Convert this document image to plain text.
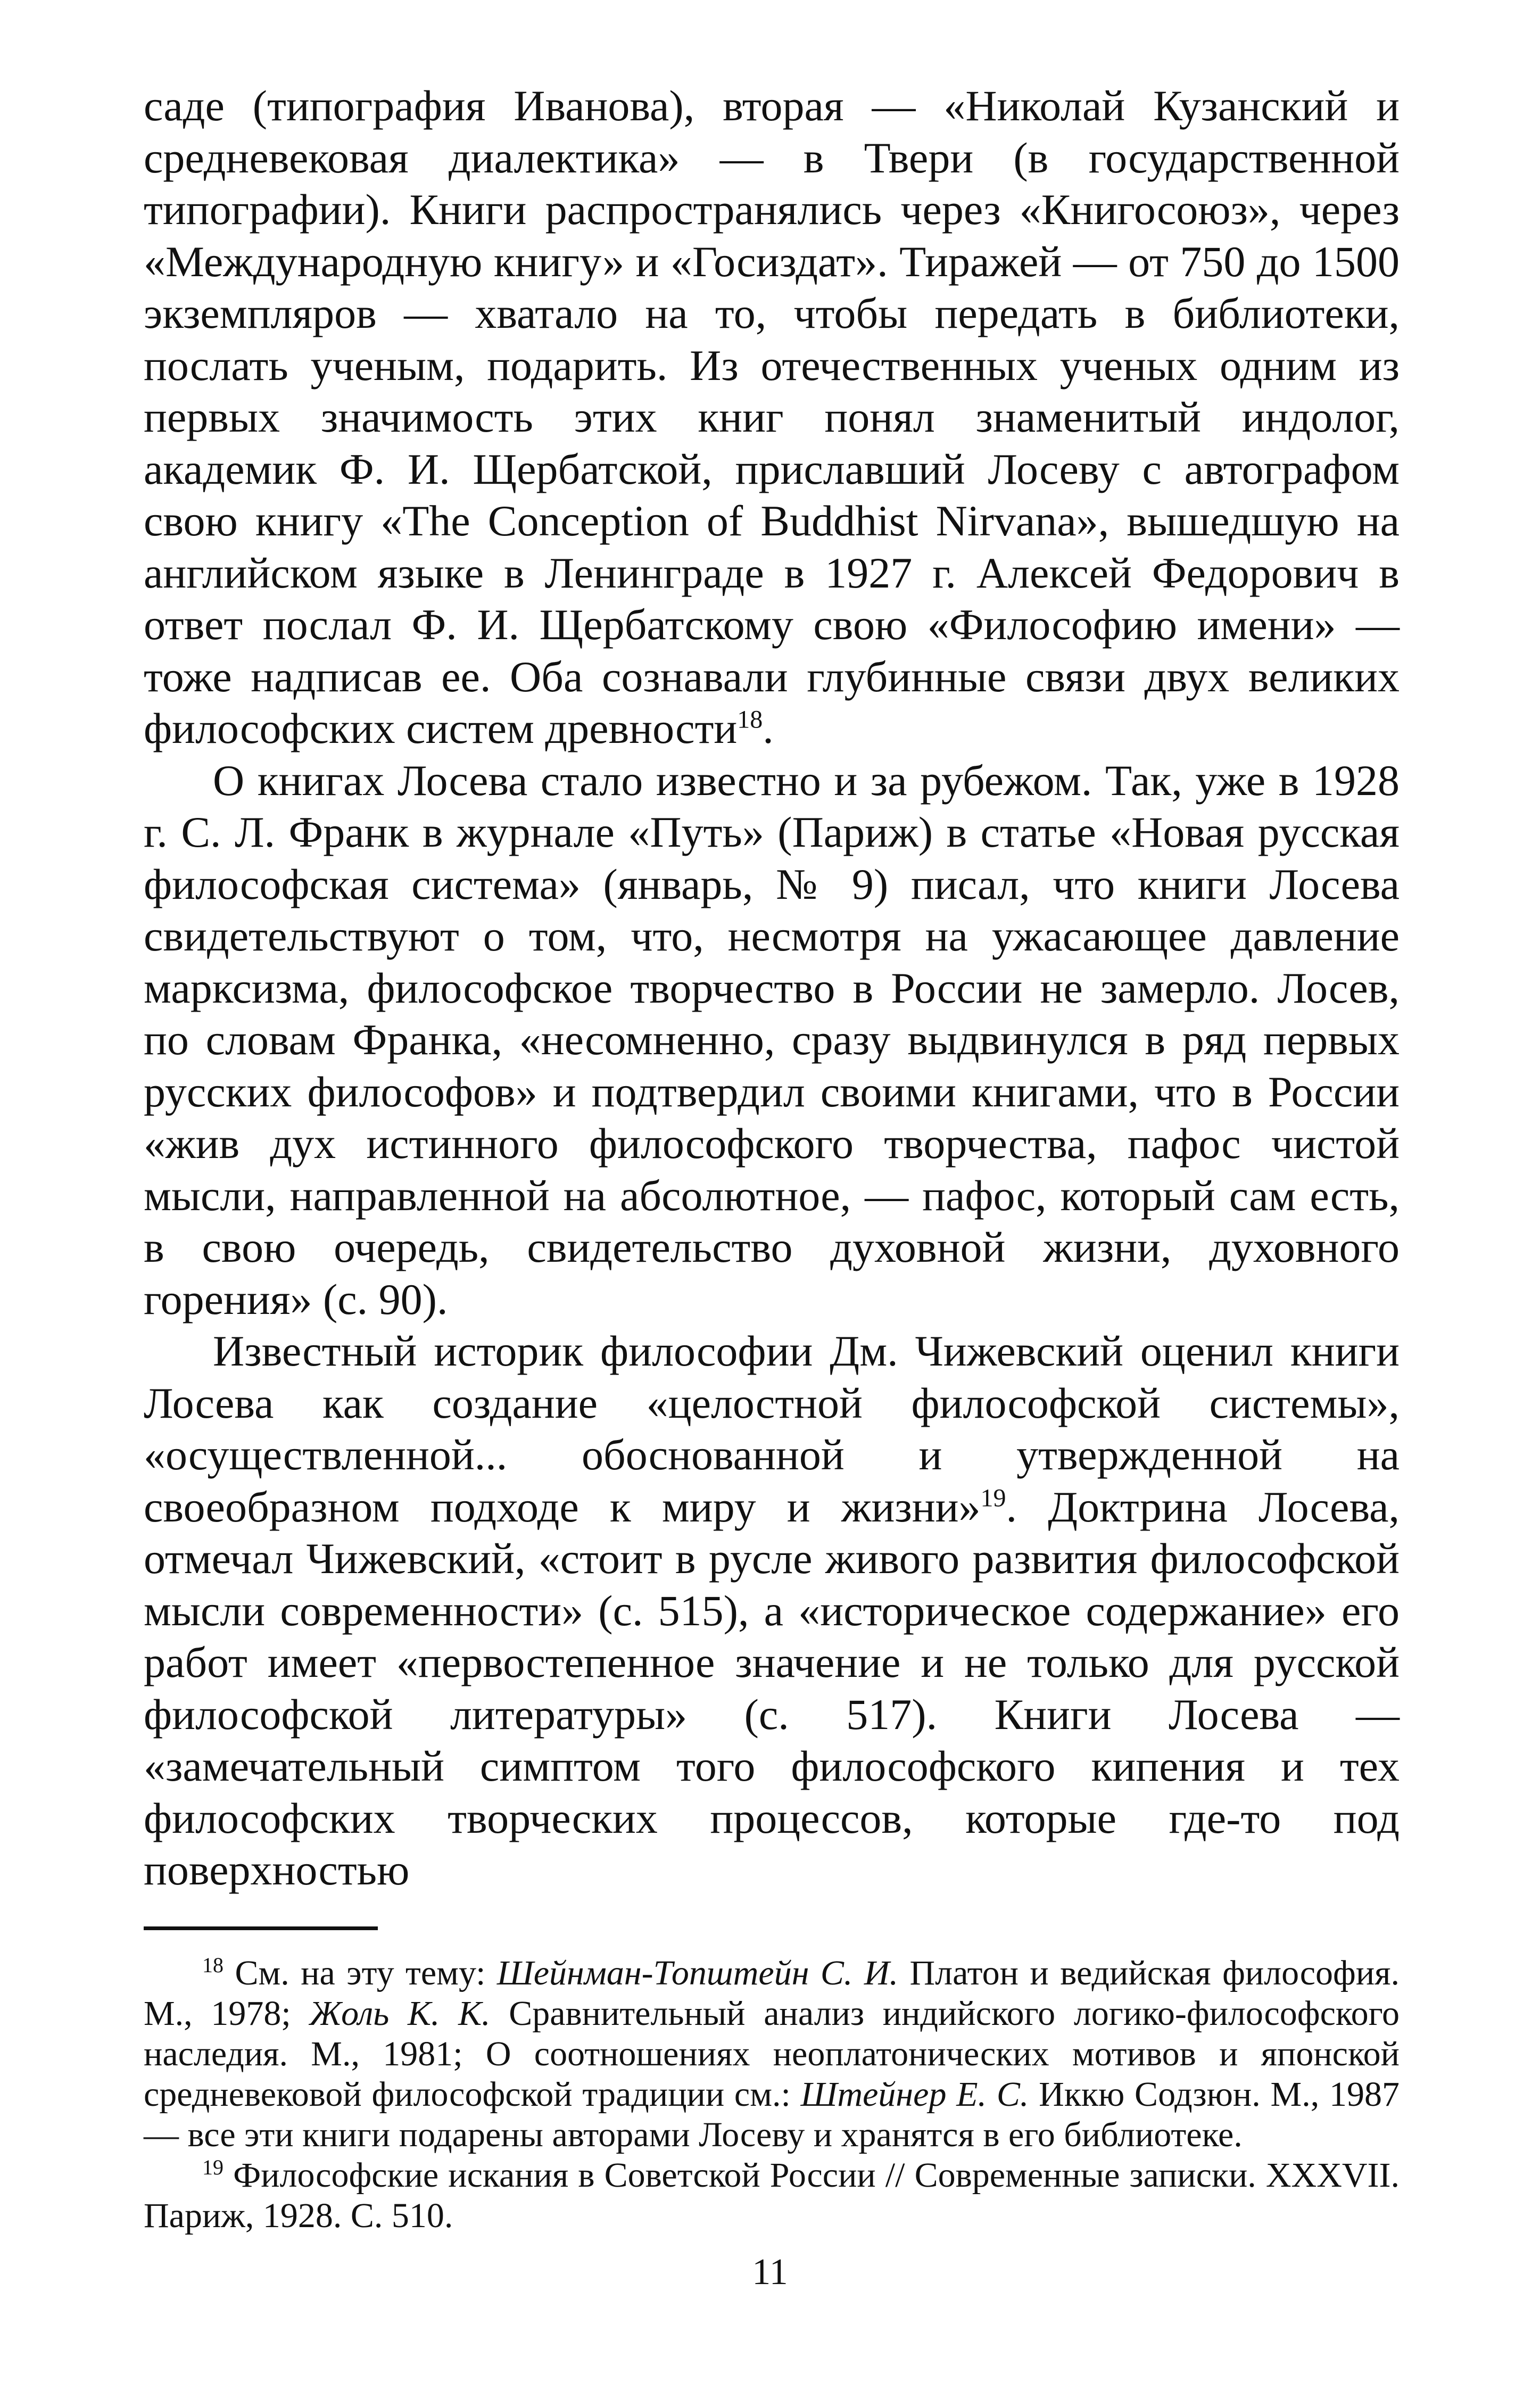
саде (типография Иванова), вторая — «Николай Кузанский и средневековая диалектика» — в Твери (в государственной типографии). Книги распространялись через «Книгосоюз», через «Международную книгу» и «Госиздат». Тиражей — от 750 до 1500 экземпляров — хватало на то, чтобы передать в библиотеки, послать ученым, подарить. Из отечественных ученых одним из первых значимость этих книг понял знаменитый индолог, академик Ф. И. Щербатской, приславший Лосеву с автографом свою книгу «The Conception of Buddhist Nirvana», вышедшую на английском языке в Ленинграде в 1927 г. Алексей Федорович в ответ послал Ф. И. Щербатскому свою «Философию имени» — тоже надписав ее. Оба сознавали глубинные связи двух великих философских систем древности$^{18}$.

О книгах Лосева стало известно и за рубежом. Так, уже в 1928 г. С. Л. Франк в журнале «Путь» (Париж) в статье «Новая русская философская система» (январь, № 9) писал, что книги Лосева свидетельствуют о том, что, несмотря на ужасающее давление марксизма, философское творчество в России не замерло. Лосев, по словам Франка, «несомненно, сразу выдвинулся в ряд первых русских философов» и подтвердил своими книгами, что в России «жив дух истинного философского творчества, пафос чистой мысли, направленной на абсолютное, — пафос, который сам есть, в свою очередь, свидетельство духовной жизни, духовного горения» (с. 90).

Известный историк философии Дм. Чижевский оценил книги Лосева как создание «целостной философской системы», «осуществленной... обоснованной и утвержденной на своеобразном подходе к миру и жизни»$^{19}$. Доктрина Лосева, отмечал Чижевский, «стоит в русле живого развития философской мысли современности» (с. 515), а «историческое содержание» его работ имеет «первостепенное значение и не только для русской философской литературы» (с. 517). Книги Лосева — «замечательный симптом того философского кипения и тех философских творческих процессов, которые где-то под поверхностью

$^{18}$ См. на эту тему: Шейнман-Топштейн С. И. Платон и ведийская философия. М., 1978; Жоль К. К. Сравнительный анализ индийского логико-философского наследия. М., 1981; О соотношениях неоплатонических мотивов и японской средневековой философской традиции см.: Штейнер Е. С. Иккю Содзюн. М., 1987 — все эти книги подарены авторами Лосеву и хранятся в его библиотеке.

$^{19}$ Философские искания в Советской России // Современные записки. XXXVII. Париж, 1928. С. 510.

11
